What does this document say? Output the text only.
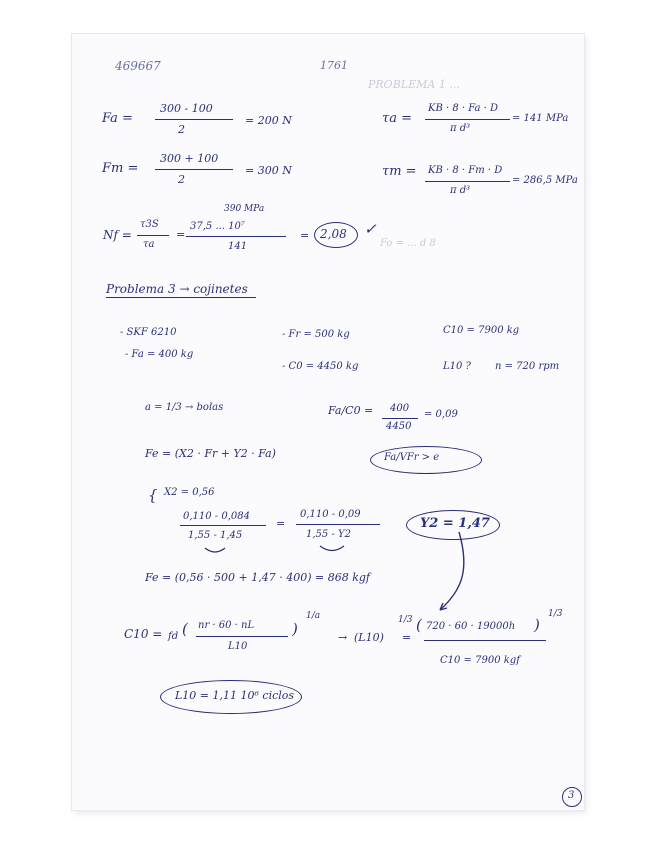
PROBLEMA 1 ...
Fo = ... d 8
469667	1761
Fa =
300 - 100
2
= 200 N	τa =
KB · 8 · Fa · D
π d³
= 141 MPa
Fm =
300 + 100
2
= 300 N	τm = KB · 8 · Fm · D
π d³
= 286,5 MPa
Nf =
τ3S
τa
=
390 MPa
37,5 ... 10⁷
141
= 2,08 ✓
Problema 3 → cojinetes
- SKF 6210
- Fa = 400 kg
- Fr = 500 kg
- C0 = 4450 kg
C10 = 7900 kg
L10 ? n = 720 rpm
a = 1/3 → bolas	Fa/C0 = 400
4450
= 0,09
Fe = (X2 · Fr + Y2 · Fa)	Fa/VFr > e
{ X2 = 0,56
0,110 - 0,084
1,55 - 1,45
=
0,110 - 0,09
1,55 - Y2
Y2 = 1,47
Fe = (0,56 · 500 + 1,47 · 400) = 868 kgf
C10 = fd ( nr · 60 · nL
L10
)
1/a
→ (L10)
1/3
=
( 720 · 60 · 19000h )
1/3
C10 = 7900 kgf
L10 = 1,11 10⁶ ciclos
3
